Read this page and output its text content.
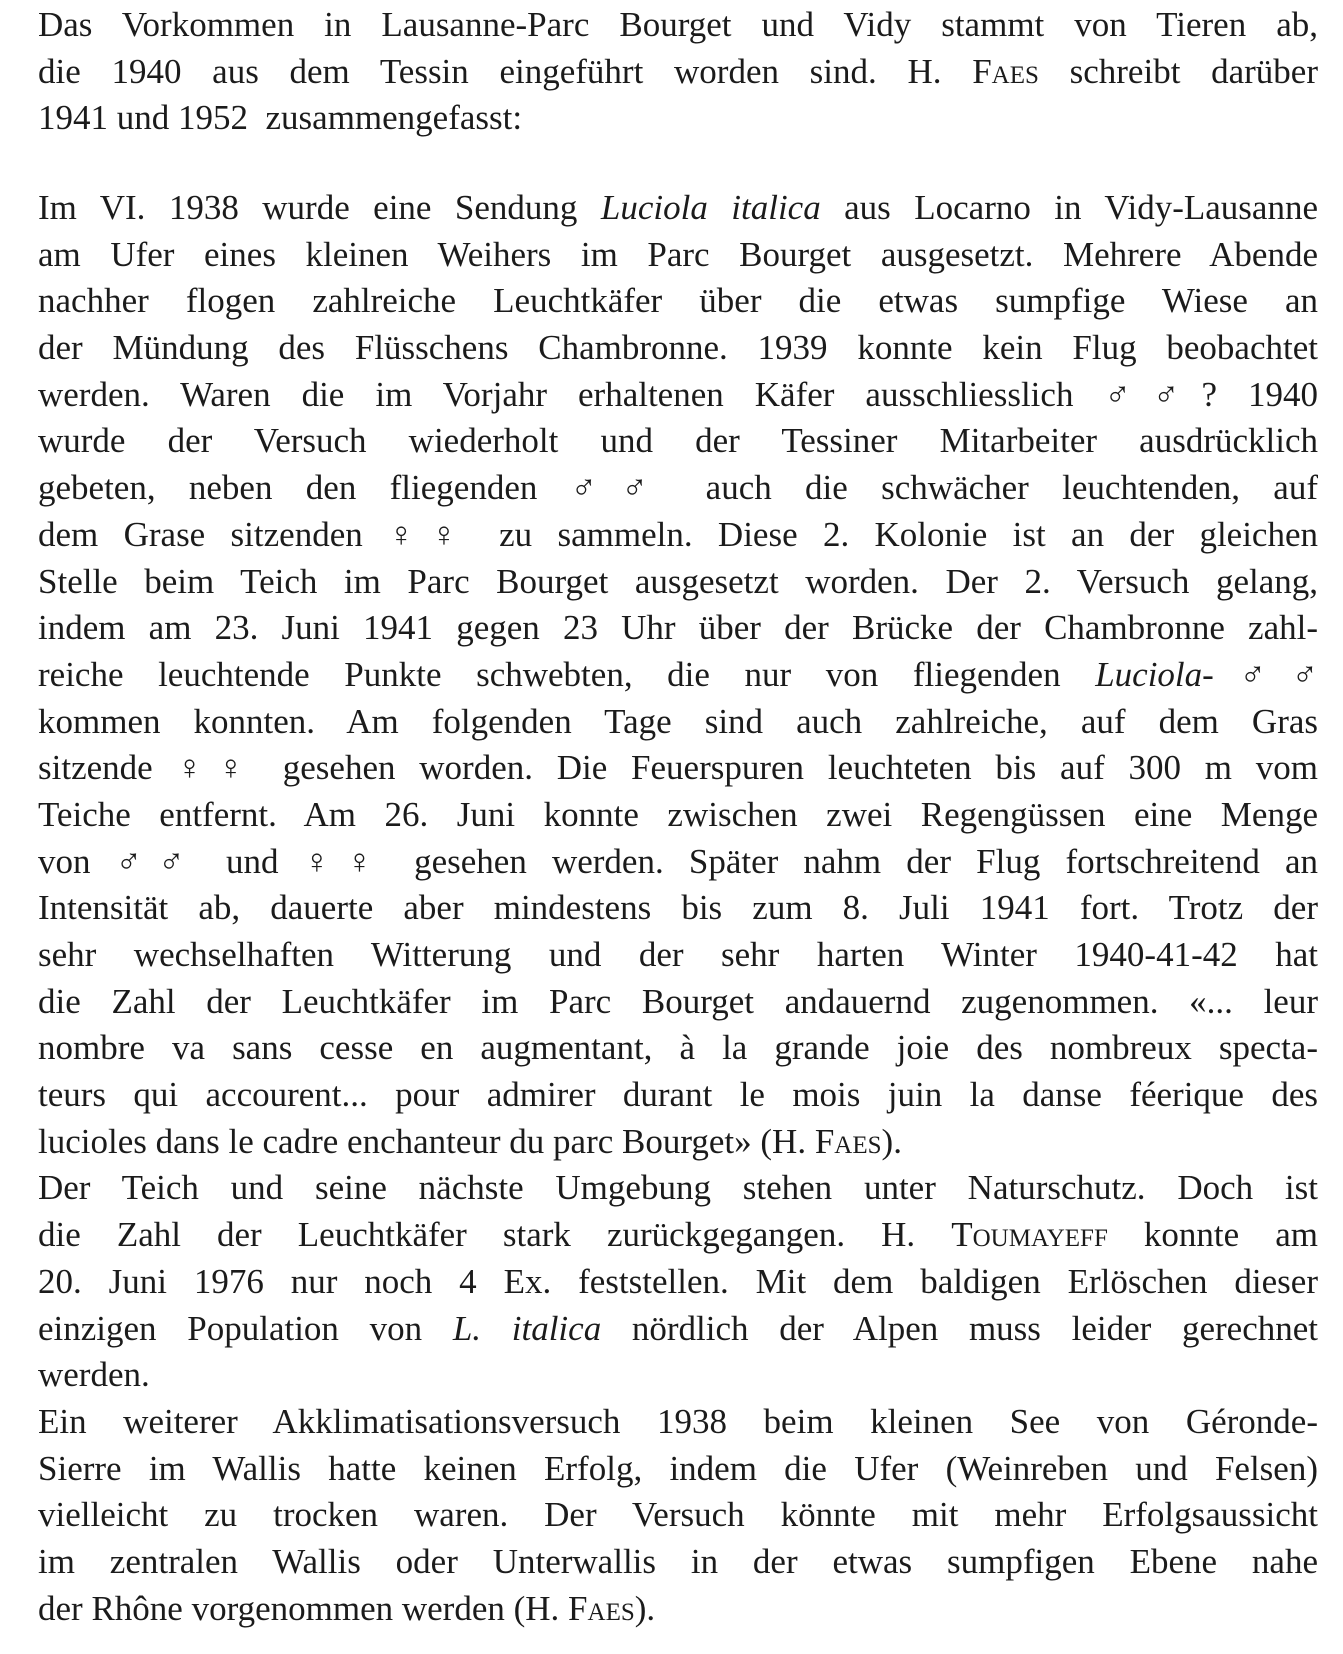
Das Vorkommen in Lausanne-Parc Bourget und Vidy stammt von Tieren ab,
die 1940 aus dem Tessin eingeführt worden sind. H. Faes schreibt darüber
1941 und 1952  zusammengefasst:
Im VI. 1938 wurde eine Sendung Luciola italica aus Locarno in Vidy-Lausanne
am Ufer eines kleinen Weihers im Parc Bourget ausgesetzt. Mehrere Abende
nachher flogen zahlreiche Leuchtkäfer über die etwas sumpfige Wiese an
der Mündung des Flüsschens Chambronne. 1939 konnte kein Flug beobachtet
werden. Waren die im Vorjahr erhaltenen Käfer ausschliesslich ♂♂? 1940
wurde der Versuch wiederholt und der Tessiner Mitarbeiter ausdrücklich
gebeten, neben den fliegenden ♂♂ auch die schwächer leuchtenden, auf
dem Grase sitzenden ♀♀ zu sammeln. Diese 2. Kolonie ist an der gleichen
Stelle beim Teich im Parc Bourget ausgesetzt worden. Der 2. Versuch gelang,
indem am 23. Juni 1941 gegen 23 Uhr über der Brücke der Chambronne zahl-
reiche leuchtende Punkte schwebten, die nur von fliegenden Luciola-♂♂
kommen konnten. Am folgenden Tage sind auch zahlreiche, auf dem Gras
sitzende ♀♀ gesehen worden. Die Feuerspuren leuchteten bis auf 300 m vom
Teiche entfernt. Am 26. Juni konnte zwischen zwei Regengüssen eine Menge
von ♂♂ und ♀♀ gesehen werden. Später nahm der Flug fortschreitend an
Intensität ab, dauerte aber mindestens bis zum 8. Juli 1941 fort. Trotz der
sehr wechselhaften Witterung und der sehr harten Winter 1940-41-42 hat
die Zahl der Leuchtkäfer im Parc Bourget andauernd zugenommen. «... leur
nombre va sans cesse en augmentant, à la grande joie des nombreux specta-
teurs qui accourent... pour admirer durant le mois juin la danse féerique des
lucioles dans le cadre enchanteur du parc Bourget» (H. Faes).
Der Teich und seine nächste Umgebung stehen unter Naturschutz. Doch ist
die Zahl der Leuchtkäfer stark zurückgegangen. H. Toumayeff konnte am
20. Juni 1976 nur noch 4 Ex. feststellen. Mit dem baldigen Erlöschen dieser
einzigen Population von L. italica nördlich der Alpen muss leider gerechnet
werden.
Ein weiterer Akklimatisationsversuch 1938 beim kleinen See von Géronde-
Sierre im Wallis hatte keinen Erfolg, indem die Ufer (Weinreben und Felsen)
vielleicht zu trocken waren. Der Versuch könnte mit mehr Erfolgsaussicht
im zentralen Wallis oder Unterwallis in der etwas sumpfigen Ebene nahe
der Rhône vorgenommen werden (H. Faes).
